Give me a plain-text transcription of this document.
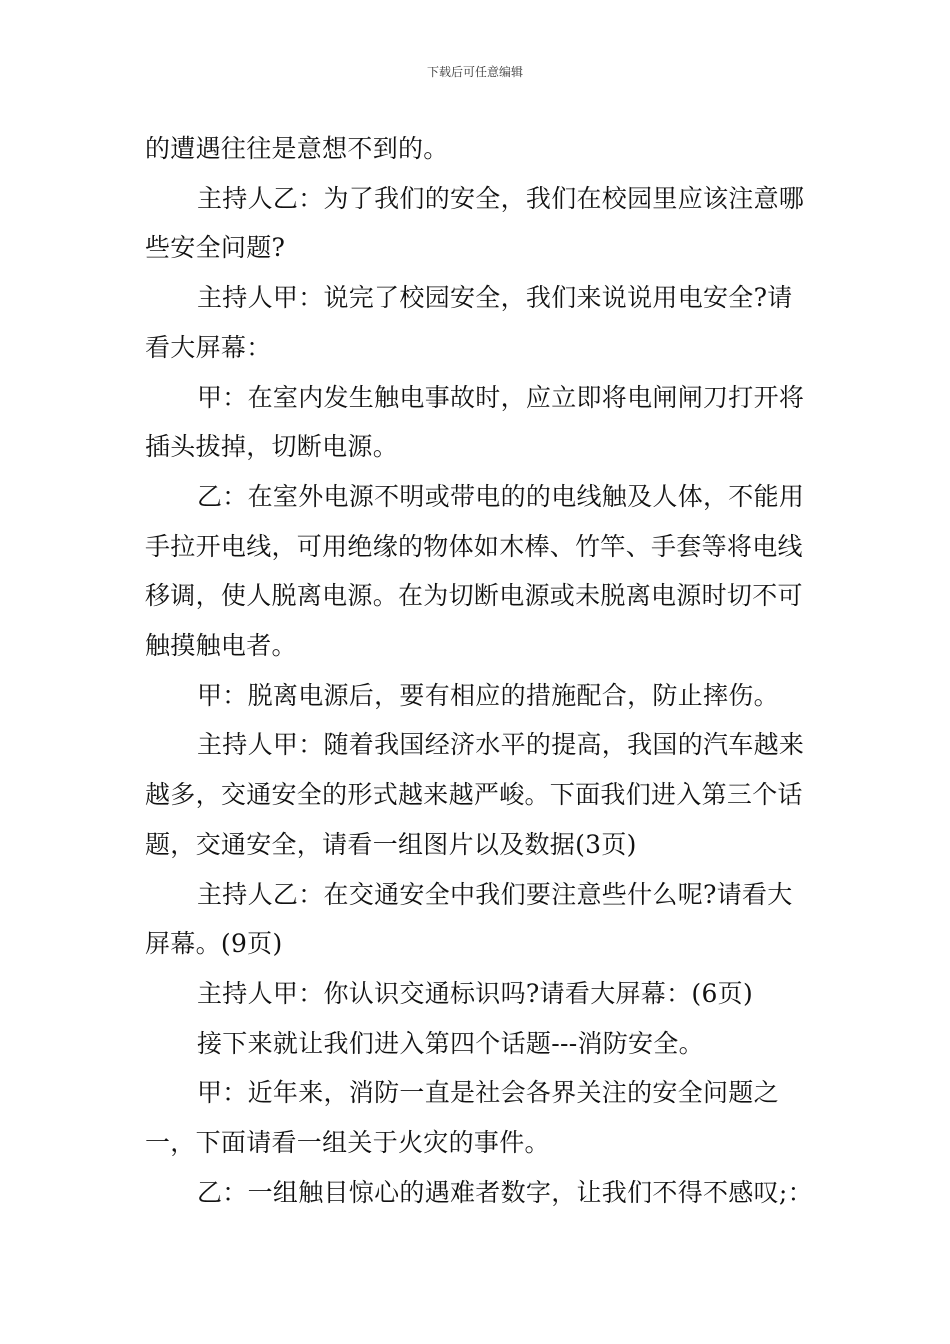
下载后可任意编辑

的遭遇往往是意想不到的。

主持人乙：为了我们的安全，我们在校园里应该注意哪些安全问题?

主持人甲：说完了校园安全，我们来说说用电安全?请看大屏幕：

甲：在室内发生触电事故时，应立即将电闸闸刀打开将插头拔掉，切断电源。

乙：在室外电源不明或带电的的电线触及人体，不能用手拉开电线，可用绝缘的物体如木棒、竹竿、手套等将电线移调，使人脱离电源。在为切断电源或未脱离电源时切不可触摸触电者。

甲：脱离电源后，要有相应的措施配合，防止摔伤。

主持人甲：随着我国经济水平的提高，我国的汽车越来越多，交通安全的形式越来越严峻。下面我们进入第三个话题，交通安全，请看一组图片以及数据(3页)

主持人乙：在交通安全中我们要注意些什么呢?请看大屏幕。(9页)

主持人甲：你认识交通标识吗?请看大屏幕：(6页)

接下来就让我们进入第四个话题---消防安全。

甲：近年来，消防一直是社会各界关注的安全问题之一，下面请看一组关于火灾的事件。

乙：一组触目惊心的遇难者数字，让我们不得不感叹;：
